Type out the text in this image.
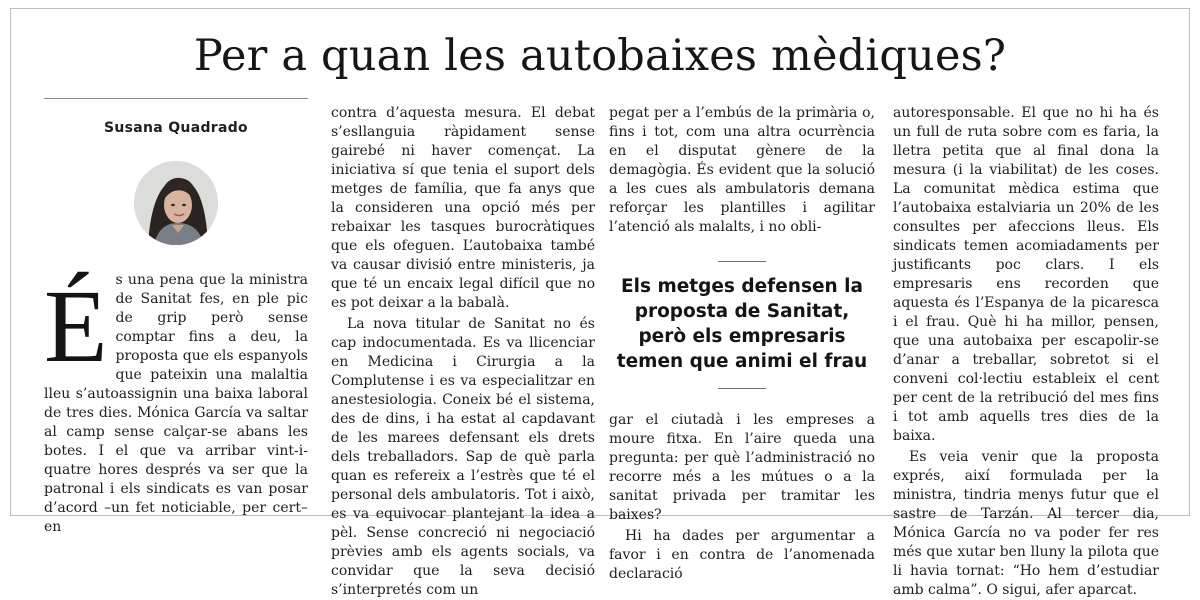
Per a quan les autobaixes mèdiques?
Susana Quadrado

És una pena que la ministra de Sanitat fes, en ple pic de grip però sense comptar fins a deu, la proposta que els espanyols que pateixin una malaltia lleu s’autoassignin una baixa laboral de tres dies. Mónica García va saltar al camp sense calçar-se abans les botes. I el que va arribar vint-i-quatre hores després va ser que la patronal i els sindicats es van posar d’acord –un fet noticiable, per cert– en

contra d’aquesta mesura. El debat s’esllanguia ràpidament sense gairebé ni haver començat. La iniciativa sí que tenia el suport dels metges de família, que fa anys que la consideren una opció més per rebaixar les tasques burocràtiques que els ofeguen. L’autobaixa també va causar divisió entre ministeris, ja que té un encaix legal difícil que no es pot deixar a la babalà.

La nova titular de Sanitat no és cap indocumentada. Es va llicenciar en Medicina i Cirurgia a la Complutense i es va especialitzar en anestesiologia. Coneix bé el sistema, des de dins, i ha estat al capdavant de les marees defensant els drets dels treballadors. Sap de què parla quan es refereix a l’estrès que té el personal dels ambulatoris. Tot i això, es va equivocar plantejant la idea a pèl. Sense concreció ni negociació prèvies amb els agents socials, va convidar que la seva decisió s’interpretés com un

pegat per a l’embús de la primària o, fins i tot, com una altra ocurrència en el disputat gènere de la demagògia. És evident que la solució a les cues als ambulatoris demana reforçar les plantilles i agilitar l’atenció als malalts, i no obli-

Els metges defensen la proposta de Sanitat, però els empresaris temen que animi el frau

gar el ciutadà i les empreses a moure fitxa. En l’aire queda una pregunta: per què l’administració no recorre més a les mútues o a la sanitat privada per tramitar les baixes?

Hi ha dades per argumentar a favor i en contra de l’anomenada declaració

autoresponsable. El que no hi ha és un full de ruta sobre com es faria, la lletra petita que al final dona la mesura (i la viabilitat) de les coses. La comunitat mèdica estima que l’autobaixa estalviaria un 20% de les consultes per afeccions lleus. Els sindicats temen acomiadaments per justificants poc clars. I els empresaris ens recorden que aquesta és l’Espanya de la picaresca i el frau. Què hi ha millor, pensen, que una autobaixa per escapolir-se d’anar a treballar, sobretot si el conveni col·lectiu estableix el cent per cent de la retribució del mes fins i tot amb aquells tres dies de la baixa.

Es veia venir que la proposta exprés, així formulada per la ministra, tindria menys futur que el sastre de Tarzán. Al tercer dia, Mónica García no va poder fer res més que xutar ben lluny la pilota que li havia tornat: “Ho hem d’estudiar amb calma”. O sigui, afer aparcat.
